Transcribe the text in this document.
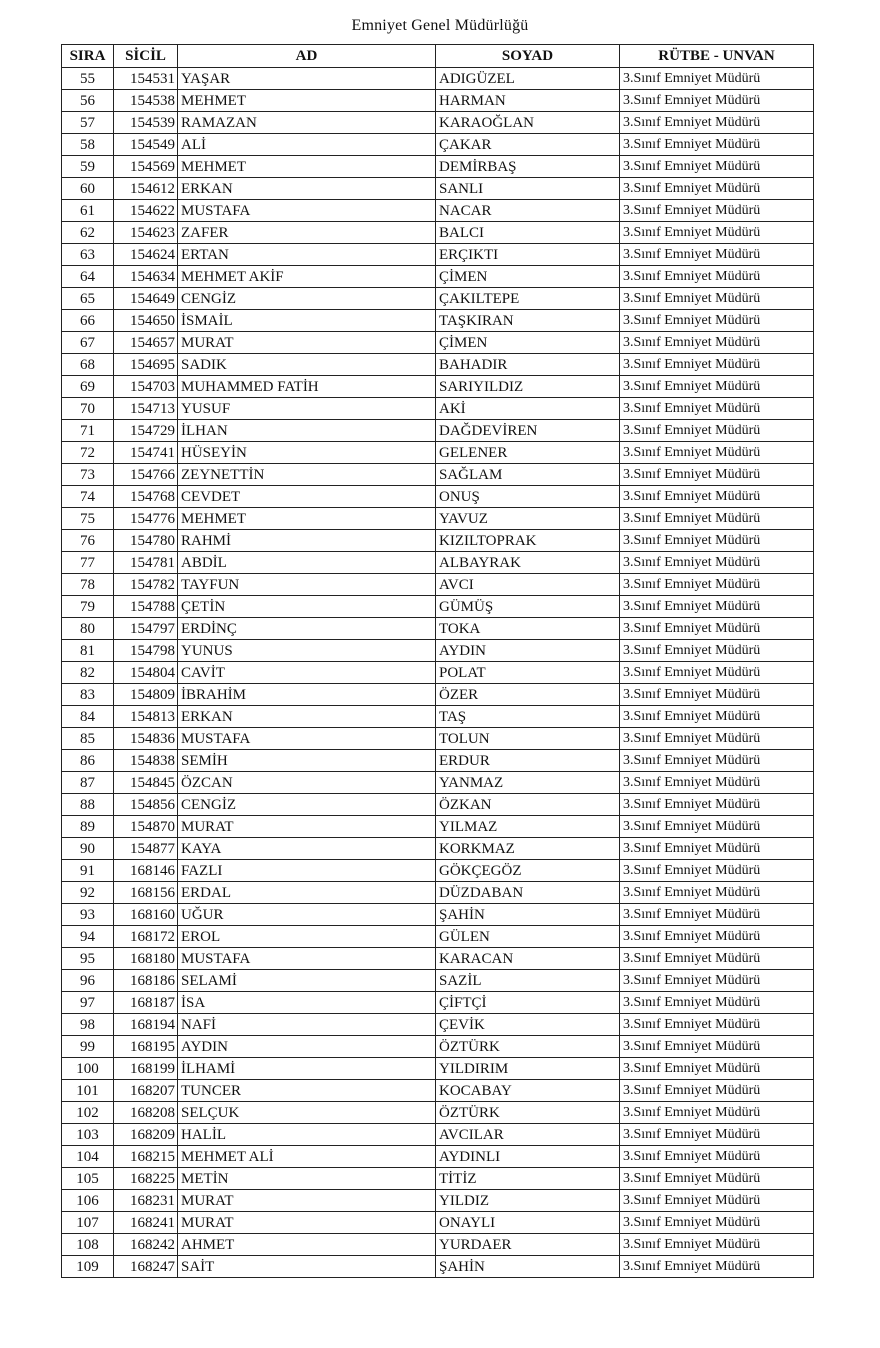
Emniyet Genel Müdürlüğü
SIRA	SİCİL	AD	SOYAD	RÜTBE - UNVAN
55	154531	YAŞAR	ADIGÜZEL	3.Sınıf Emniyet Müdürü
56	154538	MEHMET	HARMAN	3.Sınıf Emniyet Müdürü
57	154539	RAMAZAN	KARAOĞLAN	3.Sınıf Emniyet Müdürü
58	154549	ALİ	ÇAKAR	3.Sınıf Emniyet Müdürü
59	154569	MEHMET	DEMİRBAŞ	3.Sınıf Emniyet Müdürü
60	154612	ERKAN	SANLI	3.Sınıf Emniyet Müdürü
61	154622	MUSTAFA	NACAR	3.Sınıf Emniyet Müdürü
62	154623	ZAFER	BALCI	3.Sınıf Emniyet Müdürü
63	154624	ERTAN	ERÇIKTI	3.Sınıf Emniyet Müdürü
64	154634	MEHMET AKİF	ÇİMEN	3.Sınıf Emniyet Müdürü
65	154649	CENGİZ	ÇAKILTEPE	3.Sınıf Emniyet Müdürü
66	154650	İSMAİL	TAŞKIRAN	3.Sınıf Emniyet Müdürü
67	154657	MURAT	ÇİMEN	3.Sınıf Emniyet Müdürü
68	154695	SADIK	BAHADIR	3.Sınıf Emniyet Müdürü
69	154703	MUHAMMED FATİH	SARIYILDIZ	3.Sınıf Emniyet Müdürü
70	154713	YUSUF	AKİ	3.Sınıf Emniyet Müdürü
71	154729	İLHAN	DAĞDEVİREN	3.Sınıf Emniyet Müdürü
72	154741	HÜSEYİN	GELENER	3.Sınıf Emniyet Müdürü
73	154766	ZEYNETTİN	SAĞLAM	3.Sınıf Emniyet Müdürü
74	154768	CEVDET	ONUŞ	3.Sınıf Emniyet Müdürü
75	154776	MEHMET	YAVUZ	3.Sınıf Emniyet Müdürü
76	154780	RAHMİ	KIZILTOPRAK	3.Sınıf Emniyet Müdürü
77	154781	ABDİL	ALBAYRAK	3.Sınıf Emniyet Müdürü
78	154782	TAYFUN	AVCI	3.Sınıf Emniyet Müdürü
79	154788	ÇETİN	GÜMÜŞ	3.Sınıf Emniyet Müdürü
80	154797	ERDİNÇ	TOKA	3.Sınıf Emniyet Müdürü
81	154798	YUNUS	AYDIN	3.Sınıf Emniyet Müdürü
82	154804	CAVİT	POLAT	3.Sınıf Emniyet Müdürü
83	154809	İBRAHİM	ÖZER	3.Sınıf Emniyet Müdürü
84	154813	ERKAN	TAŞ	3.Sınıf Emniyet Müdürü
85	154836	MUSTAFA	TOLUN	3.Sınıf Emniyet Müdürü
86	154838	SEMİH	ERDUR	3.Sınıf Emniyet Müdürü
87	154845	ÖZCAN	YANMAZ	3.Sınıf Emniyet Müdürü
88	154856	CENGİZ	ÖZKAN	3.Sınıf Emniyet Müdürü
89	154870	MURAT	YILMAZ	3.Sınıf Emniyet Müdürü
90	154877	KAYA	KORKMAZ	3.Sınıf Emniyet Müdürü
91	168146	FAZLI	GÖKÇEGÖZ	3.Sınıf Emniyet Müdürü
92	168156	ERDAL	DÜZDABAN	3.Sınıf Emniyet Müdürü
93	168160	UĞUR	ŞAHİN	3.Sınıf Emniyet Müdürü
94	168172	EROL	GÜLEN	3.Sınıf Emniyet Müdürü
95	168180	MUSTAFA	KARACAN	3.Sınıf Emniyet Müdürü
96	168186	SELAMİ	SAZİL	3.Sınıf Emniyet Müdürü
97	168187	İSA	ÇİFTÇİ	3.Sınıf Emniyet Müdürü
98	168194	NAFİ	ÇEVİK	3.Sınıf Emniyet Müdürü
99	168195	AYDIN	ÖZTÜRK	3.Sınıf Emniyet Müdürü
100	168199	İLHAMİ	YILDIRIM	3.Sınıf Emniyet Müdürü
101	168207	TUNCER	KOCABAY	3.Sınıf Emniyet Müdürü
102	168208	SELÇUK	ÖZTÜRK	3.Sınıf Emniyet Müdürü
103	168209	HALİL	AVCILAR	3.Sınıf Emniyet Müdürü
104	168215	MEHMET ALİ	AYDINLI	3.Sınıf Emniyet Müdürü
105	168225	METİN	TİTİZ	3.Sınıf Emniyet Müdürü
106	168231	MURAT	YILDIZ	3.Sınıf Emniyet Müdürü
107	168241	MURAT	ONAYLI	3.Sınıf Emniyet Müdürü
108	168242	AHMET	YURDAER	3.Sınıf Emniyet Müdürü
109	168247	SAİT	ŞAHİN	3.Sınıf Emniyet Müdürü
